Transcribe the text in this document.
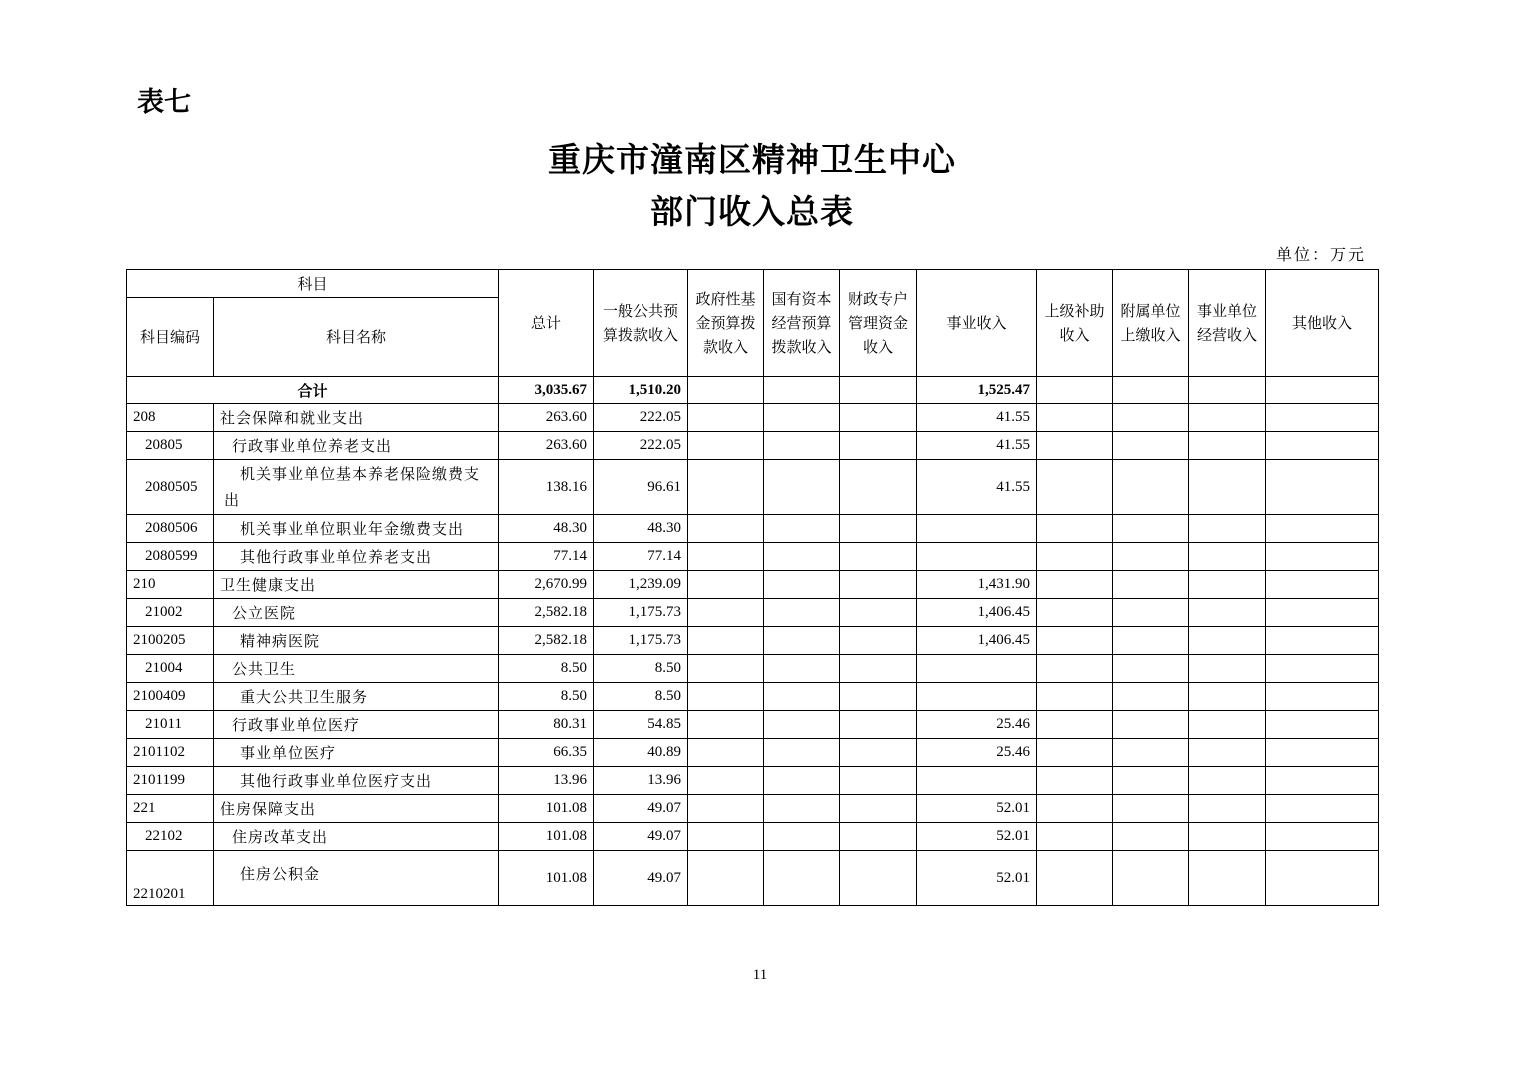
表七
重庆市潼南区精神卫生中心
部门收入总表
单位：万元
科目		总计	一般公共预算拨款收入	政府性基金预算拨款收入	国有资本经营预算拨款收入	财政专户管理资金收入	事业收入	上级补助收入	附属单位上缴收入	事业单位经营收入	其他收入
科目编码	科目名称										
合计		3,035.67	1,510.20				1,525.47				
208	社会保障和就业支出	263.60	222.05				41.55				
20805	行政事业单位养老支出	263.60	222.05				41.55				
2080505	机关事业单位基本养老保险缴费支出	138.16	96.61				41.55				
2080506	机关事业单位职业年金缴费支出	48.30	48.30								
2080599	其他行政事业单位养老支出	77.14	77.14								
210	卫生健康支出	2,670.99	1,239.09				1,431.90				
21002	公立医院	2,582.18	1,175.73				1,406.45				
2100205	精神病医院	2,582.18	1,175.73				1,406.45				
21004	公共卫生	8.50	8.50								
2100409	重大公共卫生服务	8.50	8.50								
21011	行政事业单位医疗	80.31	54.85				25.46				
2101102	事业单位医疗	66.35	40.89				25.46				
2101199	其他行政事业单位医疗支出	13.96	13.96								
221	住房保障支出	101.08	49.07				52.01				
22102	住房改革支出	101.08	49.07				52.01				
2210201	住房公积金	101.08	49.07				52.01				
11
